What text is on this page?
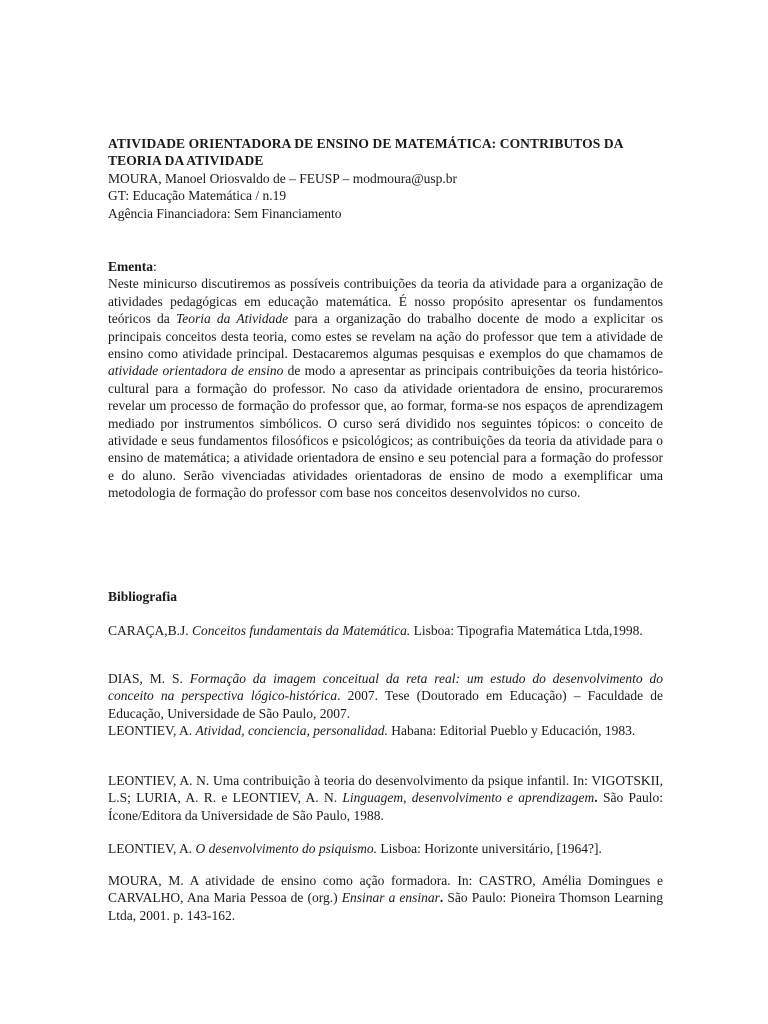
ATIVIDADE ORIENTADORA DE ENSINO DE MATEMÁTICA: CONTRIBUTOS DA TEORIA DA ATIVIDADE
MOURA, Manoel Oriosvaldo de – FEUSP – modmoura@usp.br
GT: Educação Matemática / n.19
Agência Financiadora: Sem Financiamento
Ementa:
Neste minicurso discutiremos as possíveis contribuições da teoria da atividade para a organização de atividades pedagógicas em educação matemática. É nosso propósito apresentar os fundamentos teóricos da Teoria da Atividade para a organização do trabalho docente de modo a explicitar os principais conceitos desta teoria, como estes se revelam na ação do professor que tem a atividade de ensino como atividade principal. Destacaremos algumas pesquisas e exemplos do que chamamos de atividade orientadora de ensino de modo a apresentar as principais contribuições da teoria histórico-cultural para a formação do professor. No caso da atividade orientadora de ensino, procuraremos revelar um processo de formação do professor que, ao formar, forma-se nos espaços de aprendizagem mediado por instrumentos simbólicos. O curso será dividido nos seguintes tópicos: o conceito de atividade e seus fundamentos filosóficos e psicológicos; as contribuições da teoria da atividade para o ensino de matemática; a atividade orientadora de ensino e seu potencial para a formação do professor e do aluno. Serão vivenciadas atividades orientadoras de ensino de modo a exemplificar uma metodologia de formação do professor com base nos conceitos desenvolvidos no curso.
Bibliografia
CARAÇA,B.J. Conceitos fundamentais da Matemática. Lisboa: Tipografia Matemática Ltda,1998.
DIAS, M. S. Formação da imagem conceitual da reta real: um estudo do desenvolvimento do conceito na perspectiva lógico-histórica. 2007. Tese (Doutorado em Educação) – Faculdade de Educação, Universidade de São Paulo, 2007.

LEONTIEV, A. Atividad, conciencia, personalidad. Habana: Editorial Pueblo y Educación, 1983.
LEONTIEV, A. N. Uma contribuição à teoria do desenvolvimento da psique infantil. In: VIGOTSKII, L.S; LURIA, A. R. e LEONTIEV, A. N. Linguagem, desenvolvimento e aprendizagem. São Paulo: Ícone/Editora da Universidade de São Paulo, 1988.
LEONTIEV, A. O desenvolvimento do psiquismo. Lisboa: Horizonte universitário, [1964?].
MOURA, M. A atividade de ensino como ação formadora. In: CASTRO, Amélia Domingues e CARVALHO, Ana Maria Pessoa de (org.) Ensinar a ensinar. São Paulo: Pioneira Thomson Learning Ltda, 2001. p. 143-162.
